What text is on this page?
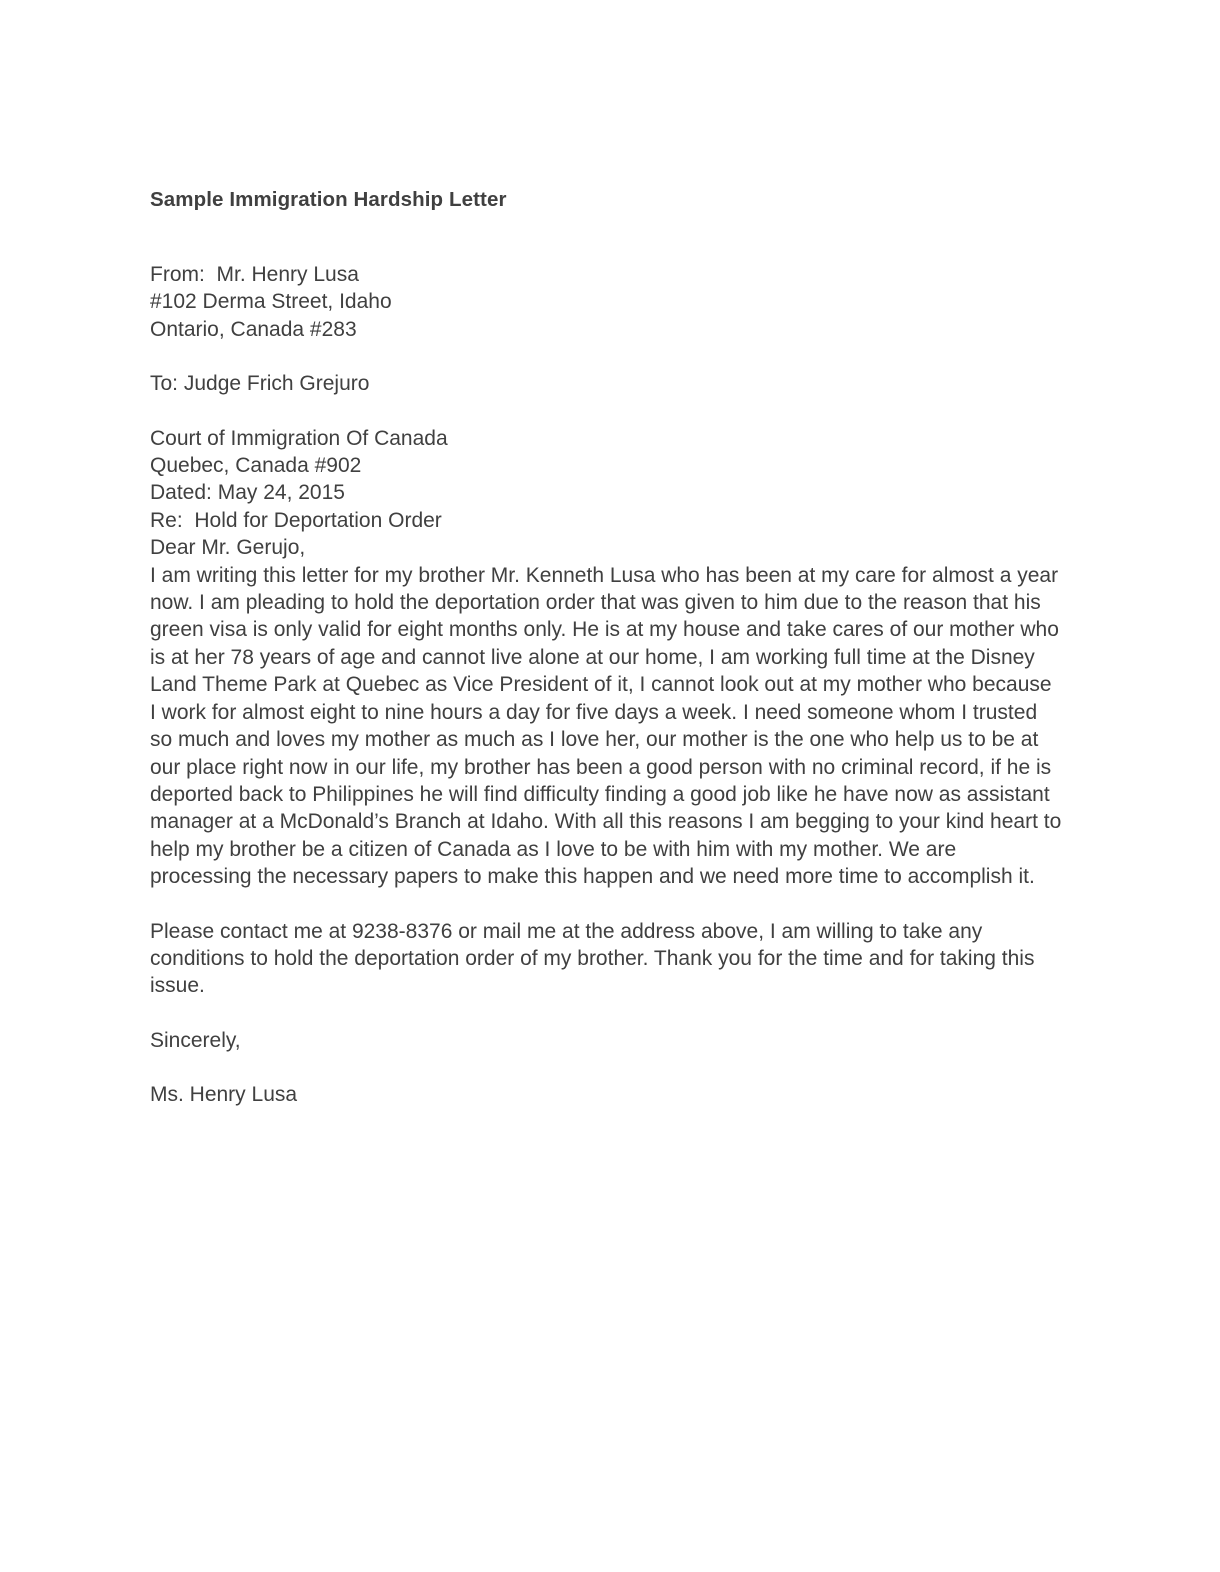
Sample Immigration Hardship Letter
From:  Mr. Henry Lusa
#102 Derma Street, Idaho
Ontario, Canada #283
To: Judge Frich Grejuro
Court of Immigration Of Canada
Quebec, Canada #902
Dated: May 24, 2015
Re:  Hold for Deportation Order
Dear Mr. Gerujo,

I am writing this letter for my brother Mr. Kenneth Lusa who has been at my care for almost a year now. I am pleading to hold the deportation order that was given to him due to the reason that his green visa is only valid for eight months only. He is at my house and take cares of our mother who is at her 78 years of age and cannot live alone at our home, I am working full time at the Disney Land Theme Park at Quebec as Vice President of it, I cannot look out at my mother who because I work for almost eight to nine hours a day for five days a week. I need someone whom I trusted so much and loves my mother as much as I love her, our mother is the one who help us to be at our place right now in our life, my brother has been a good person with no criminal record, if he is deported back to Philippines he will find difficulty finding a good job like he have now as assistant manager at a McDonald’s Branch at Idaho. With all this reasons I am begging to your kind heart to help my brother be a citizen of Canada as I love to be with him with my mother. We are processing the necessary papers to make this happen and we need more time to accomplish it.

Please contact me at 9238-8376 or mail me at the address above, I am willing to take any conditions to hold the deportation order of my brother. Thank you for the time and for taking this issue.

Sincerely,

Ms. Henry Lusa
